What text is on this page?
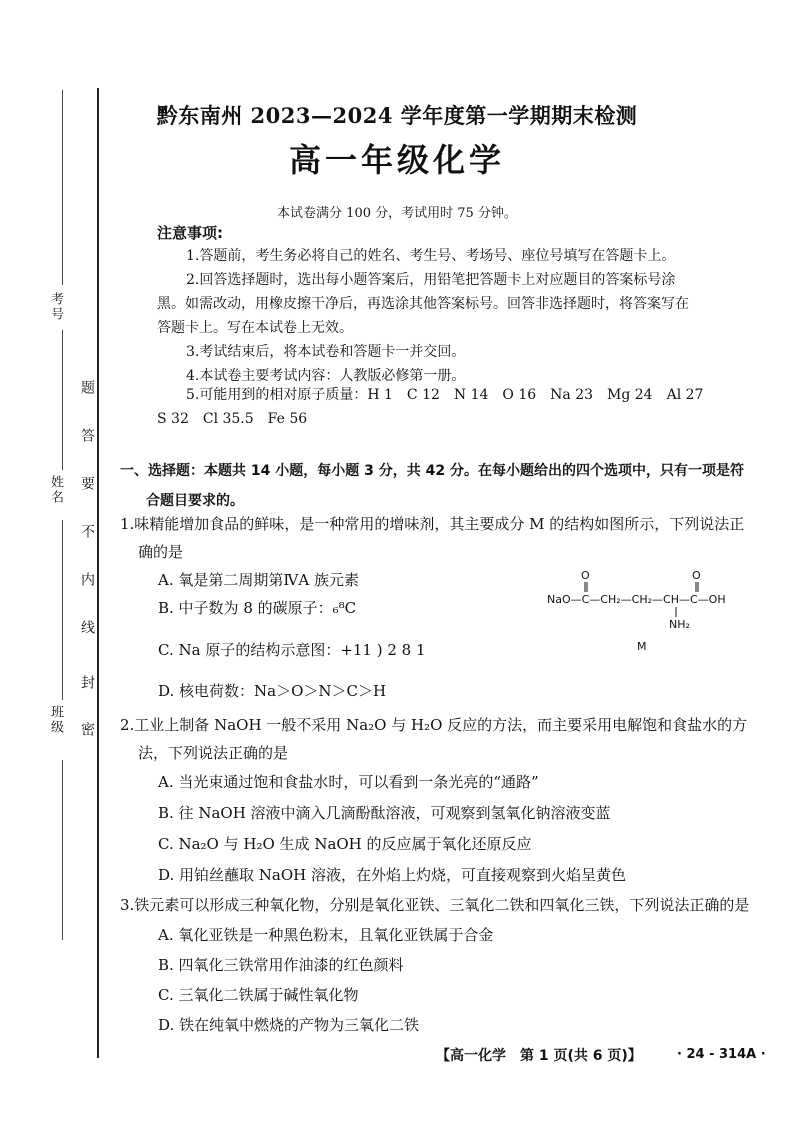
考号
姓名
班级
题
答
要
不
内
线
封
密
黔东南州 2023—2024 学年度第一学期期末检测
高一年级化学
本试卷满分 100 分，考试用时 75 分钟。
注意事项:
1.答题前，考生务必将自己的姓名、考生号、考场号、座位号填写在答题卡上。
2.回答选择题时，选出每小题答案后，用铅笔把答题卡上对应题目的答案标号涂
黑。如需改动，用橡皮擦干净后，再选涂其他答案标号。回答非选择题时，将答案写在
答题卡上。写在本试卷上无效。
3.考试结束后，将本试卷和答题卡一并交回。
4.本试卷主要考试内容：人教版必修第一册。
5.可能用到的相对原子质量：H 1　C 12　N 14　O 16　Na 23　Mg 24　Al 27
S 32　Cl 35.5　Fe 56
一、选择题：本题共 14 小题，每小题 3 分，共 42 分。在每小题给出的四个选项中，只有一项是符
合题目要求的。
1.味精能增加食品的鲜味，是一种常用的增味剂，其主要成分 M 的结构如图所示，下列说法正
确的是
A. 氧是第二周期第ⅣA 族元素
B. 中子数为 8 的碳原子：₆⁸C
C. Na 原子的结构示意图：+11 ) 2 8 1
D. 核电荷数：Na＞O＞N＞C＞H
O	O
NaO—C—CH₂—CH₂—CH—C—OH
NH₂
M
2.工业上制备 NaOH 一般不采用 Na₂O 与 H₂O 反应的方法，而主要采用电解饱和食盐水的方
法，下列说法正确的是
A. 当光束通过饱和食盐水时，可以看到一条光亮的“通路”
B. 往 NaOH 溶液中滴入几滴酚酞溶液，可观察到氢氧化钠溶液变蓝
C. Na₂O 与 H₂O 生成 NaOH 的反应属于氧化还原反应
D. 用铂丝蘸取 NaOH 溶液，在外焰上灼烧，可直接观察到火焰呈黄色
3.铁元素可以形成三种氧化物，分别是氧化亚铁、三氧化二铁和四氧化三铁，下列说法正确的是
A. 氧化亚铁是一种黑色粉末，且氧化亚铁属于合金
B. 四氧化三铁常用作油漆的红色颜料
C. 三氧化二铁属于碱性氧化物
D. 铁在纯氧中燃烧的产物为三氧化二铁
【高一化学　第 1 页(共 6 页)】	· 24 - 314A ·
